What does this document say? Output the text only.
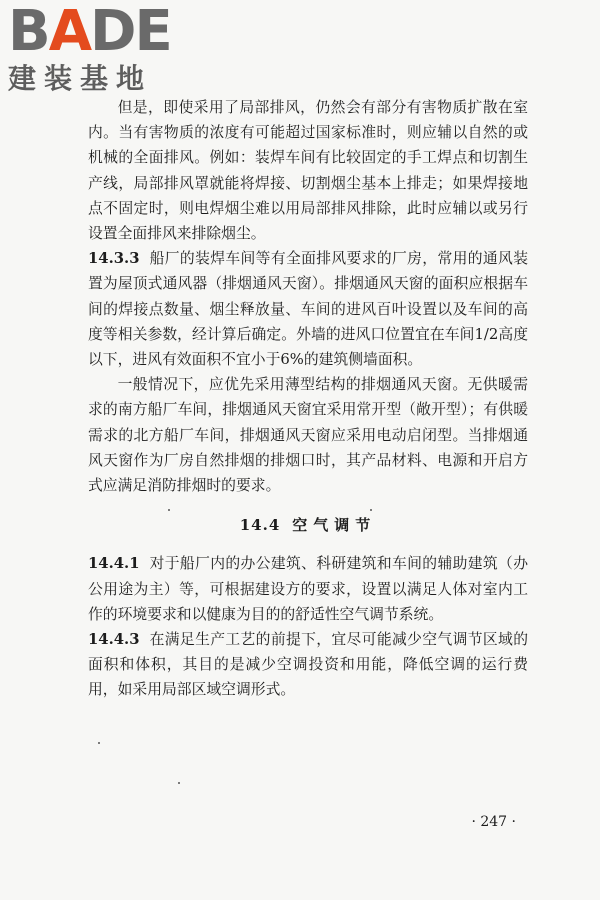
BADE
建装基地

但是，即使采用了局部排风，仍然会有部分有害物质扩散在室内。当有害物质的浓度有可能超过国家标准时，则应辅以自然的或机械的全面排风。例如：装焊车间有比较固定的手工焊点和切割生产线，局部排风罩就能将焊接、切割烟尘基本上排走；如果焊接地点不固定时，则电焊烟尘难以用局部排风排除，此时应辅以或另行设置全面排风来排除烟尘。

14.3.3 船厂的装焊车间等有全面排风要求的厂房，常用的通风装置为屋顶式通风器（排烟通风天窗）。排烟通风天窗的面积应根据车间的焊接点数量、烟尘释放量、车间的进风百叶设置以及车间的高度等相关参数，经计算后确定。外墙的进风口位置宜在车间1/2高度以下，进风有效面积不宜小于6%的建筑侧墙面积。

一般情况下，应优先采用薄型结构的排烟通风天窗。无供暖需求的南方船厂车间，排烟通风天窗宜采用常开型（敞开型）；有供暖需求的北方船厂车间，排烟通风天窗应采用电动启闭型。当排烟通风天窗作为厂房自然排烟的排烟口时，其产品材料、电源和开启方式应满足消防排烟时的要求。

14.4 空气调节

14.4.1 对于船厂内的办公建筑、科研建筑和车间的辅助建筑（办公用途为主）等，可根据建设方的要求，设置以满足人体对室内工作的环境要求和以健康为目的的舒适性空气调节系统。

14.4.3 在满足生产工艺的前提下，宜尽可能减少空气调节区域的面积和体积，其目的是减少空调投资和用能，降低空调的运行费用，如采用局部区域空调形式。

· 247 ·
